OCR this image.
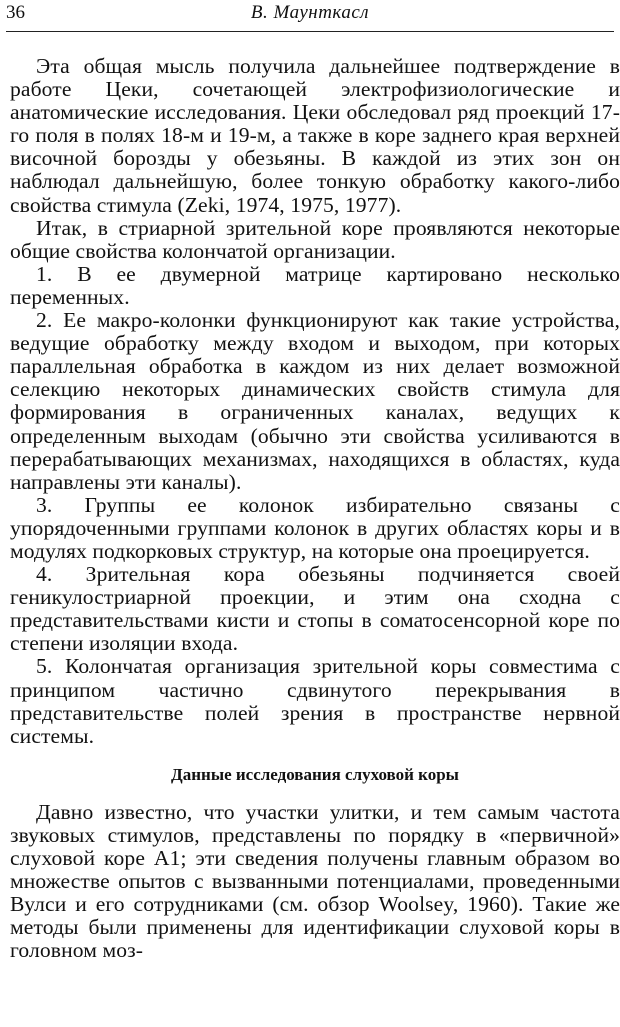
36	В. Маунткасл

Эта общая мысль получила дальнейшее подтверждение в работе Цеки, сочетающей электрофизиологические и анатомические исследования. Цеки обследовал ряд проекций 17-го поля в полях 18-м и 19-м, а также в коре заднего края верхней височной борозды у обезьяны. В каждой из этих зон он наблюдал дальнейшую, более тонкую обработку какого-либо свойства стимула (Zeki, 1974, 1975, 1977).

Итак, в стриарной зрительной коре проявляются некоторые общие свойства колончатой организации.

1. В ее двумерной матрице картировано несколько переменных.

2. Ее макро-колонки функционируют как такие устройства, ведущие обработку между входом и выходом, при которых параллельная обработка в каждом из них делает возможной селекцию некоторых динамических свойств стимула для формирования в ограниченных каналах, ведущих к определенным выходам (обычно эти свойства усиливаются в перерабатывающих механизмах, находящихся в областях, куда направлены эти каналы).

3. Группы ее колонок избирательно связаны с упорядоченными группами колонок в других областях коры и в модулях подкорковых структур, на которые она проецируется.

4. Зрительная кора обезьяны подчиняется своей геникулостриарной проекции, и этим она сходна с представительствами кисти и стопы в соматосенсорной коре по степени изоляции входа.

5. Колончатая организация зрительной коры совместима с принципом частично сдвинутого перекрывания в представительстве полей зрения в пространстве нервной системы.

Данные исследования слуховой коры

Давно известно, что участки улитки, и тем самым частота звуковых стимулов, представлены по порядку в «первичной» слуховой коре А1; эти сведения получены главным образом во множестве опытов с вызванными потенциалами, проведенными Вулси и его сотрудниками (см. обзор Woolsey, 1960). Такие же методы были применены для идентификации слуховой коры в головном моз-
